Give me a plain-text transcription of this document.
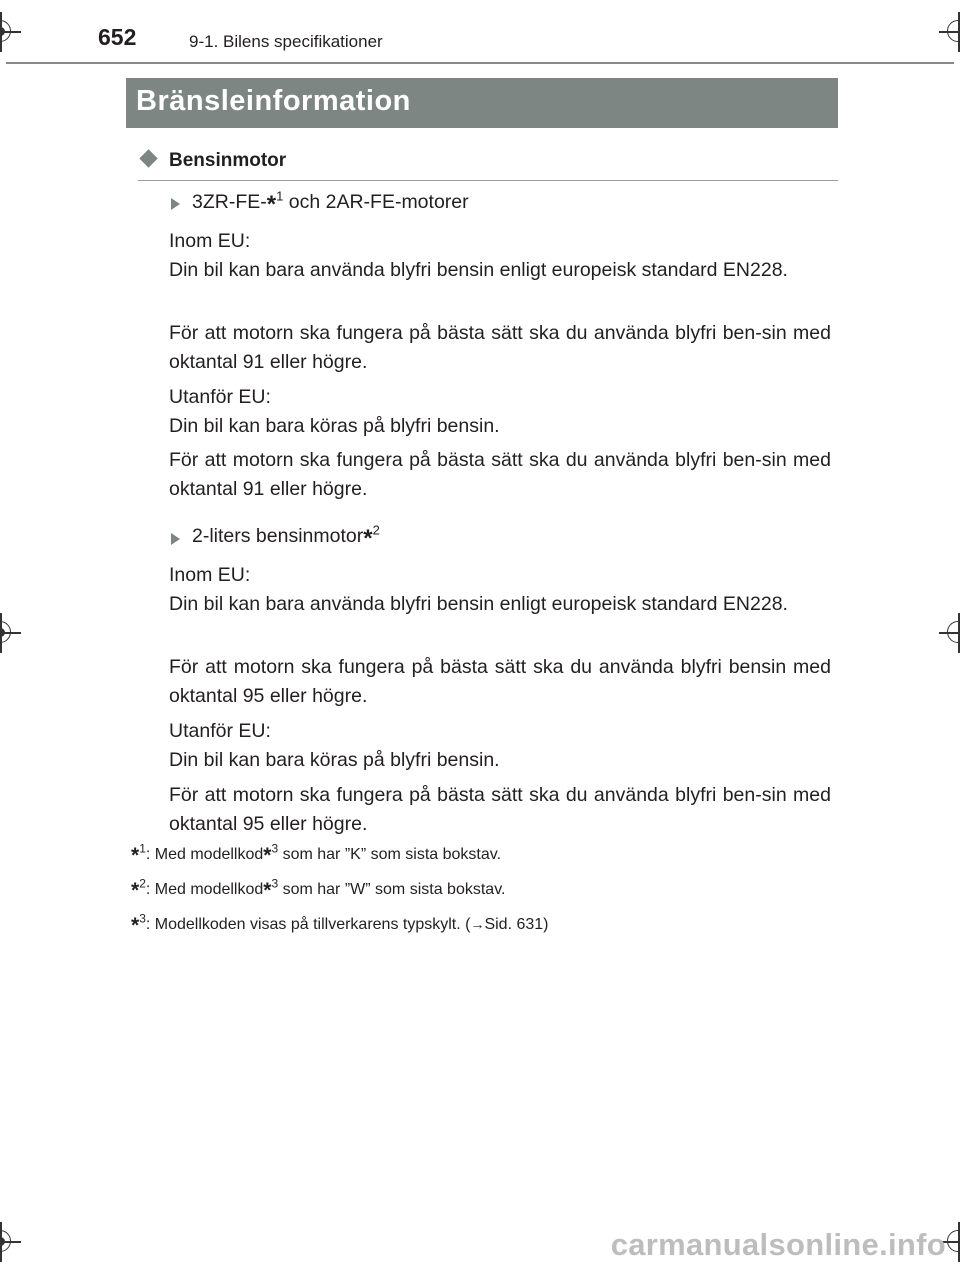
652	9-1. Bilens specifikationer
Bränsleinformation
Bensinmotor
3ZR-FE-*$^1$ och 2AR-FE-motorer

Inom EU:

Din bil kan bara använda blyfri bensin enligt europeisk standard EN228.

För att motorn ska fungera på bästa sätt ska du använda blyfri ben-sin med oktantal 91 eller högre.

Utanför EU:
Din bil kan bara köras på blyfri bensin.

För att motorn ska fungera på bästa sätt ska du använda blyfri ben-sin med oktantal 91 eller högre.

2-liters bensinmotor*$^2$

Inom EU:

Din bil kan bara använda blyfri bensin enligt europeisk standard EN228.

För att motorn ska fungera på bästa sätt ska du använda blyfri bensin med oktantal 95 eller högre.

Utanför EU:
Din bil kan bara köras på blyfri bensin.

För att motorn ska fungera på bästa sätt ska du använda blyfri ben-sin med oktantal 95 eller högre.

*$^1$: Med modellkod*$^3$ som har ”K” som sista bokstav.
*$^2$: Med modellkod*$^3$ som har ”W” som sista bokstav.
*$^3$: Modellkoden visas på tillverkarens typskylt. (→Sid. 631)
carmanualsonline.info
